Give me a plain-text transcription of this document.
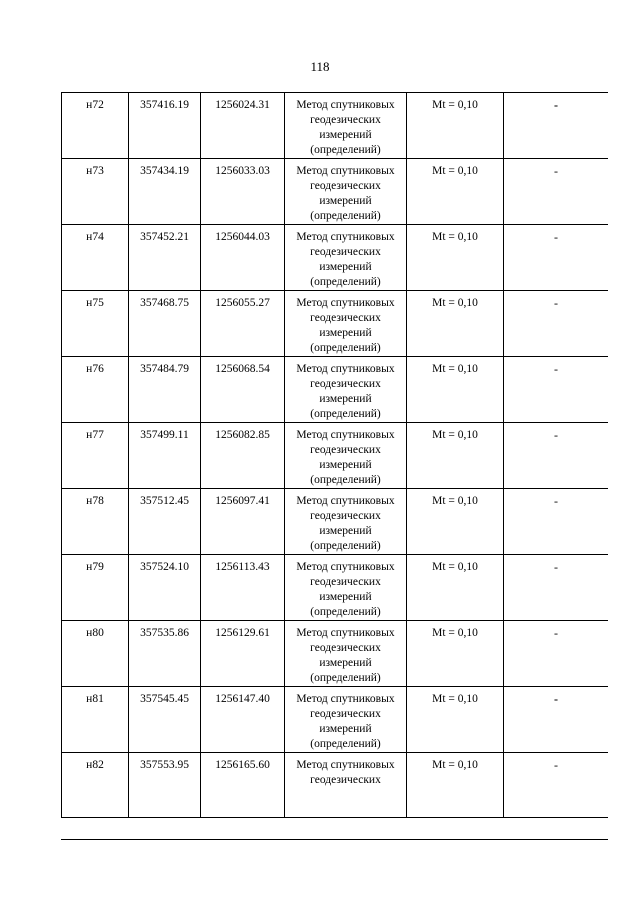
118
н72	357416.19	1256024.31	Метод спутниковых
геодезических
измерений
(определений)	Mt = 0,10	-
н73	357434.19	1256033.03	Метод спутниковых
геодезических
измерений
(определений)	Mt = 0,10	-
н74	357452.21	1256044.03	Метод спутниковых
геодезических
измерений
(определений)	Mt = 0,10	-
н75	357468.75	1256055.27	Метод спутниковых
геодезических
измерений
(определений)	Mt = 0,10	-
н76	357484.79	1256068.54	Метод спутниковых
геодезических
измерений
(определений)	Mt = 0,10	-
н77	357499.11	1256082.85	Метод спутниковых
геодезических
измерений
(определений)	Mt = 0,10	-
н78	357512.45	1256097.41	Метод спутниковых
геодезических
измерений
(определений)	Mt = 0,10	-
н79	357524.10	1256113.43	Метод спутниковых
геодезических
измерений
(определений)	Mt = 0,10	-
н80	357535.86	1256129.61	Метод спутниковых
геодезических
измерений
(определений)	Mt = 0,10	-
н81	357545.45	1256147.40	Метод спутниковых
геодезических
измерений
(определений)	Mt = 0,10	-
н82	357553.95	1256165.60	Метод спутниковых
геодезических	Mt = 0,10	-
